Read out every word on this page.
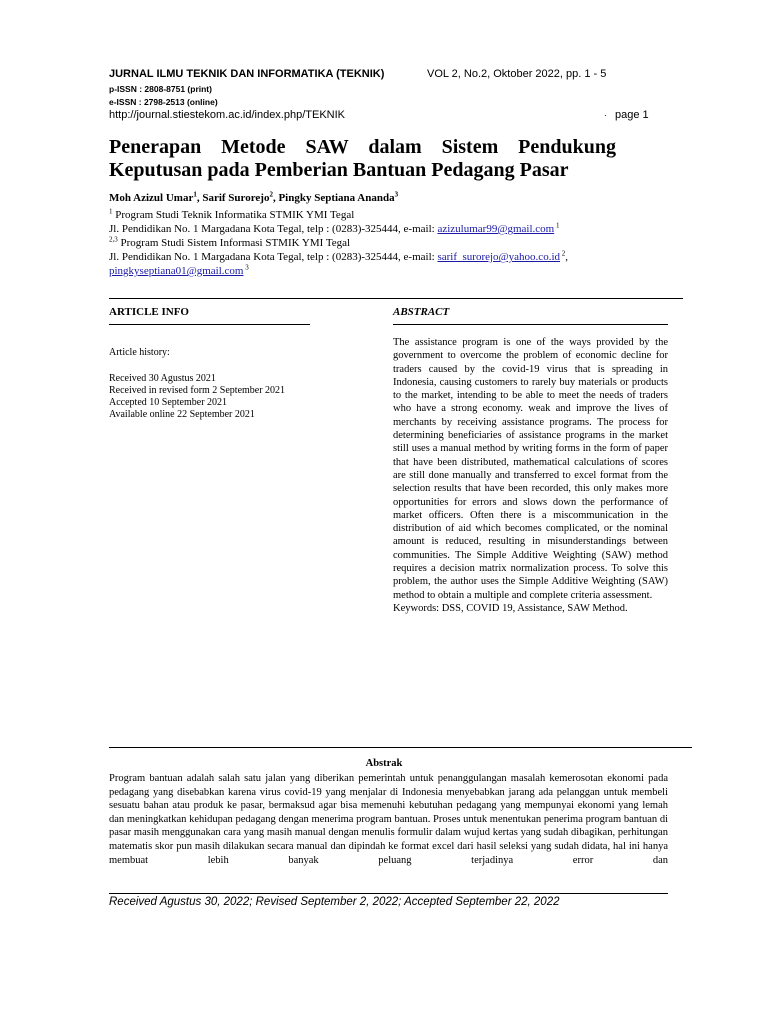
JURNAL ILMU TEKNIK DAN INFORMATIKA (TEKNIK)	VOL 2, No.2, Oktober 2022, pp. 1 - 5
p-ISSN : 2808-8751 (print)
e-ISSN : 2798-2513 (online)
http://journal.stiestekom.ac.id/index.php/TEKNIK	· page 1
Penerapan Metode SAW dalam Sistem Pendukung
Keputusan pada Pemberian Bantuan Pedagang Pasar
Moh Azizul Umar$^1$, Sarif Surorejo$^2$, Pingky Septiana Ananda$^3$
$^1$ Program Studi Teknik Informatika STMIK YMI Tegal
Jl. Pendidikan No. 1 Margadana Kota Tegal, telp : (0283)-325444, e-mail: azizulumar99@gmail.com $^1$
$^{2,3}$ Program Studi Sistem Informasi STMIK YMI Tegal
Jl. Pendidikan No. 1 Margadana Kota Tegal, telp : (0283)-325444, e-mail: sarif_surorejo@yahoo.co.id $^2$,
pingkyseptiana01@gmail.com $^3$
ARTICLE INFO
Article history:
Received 30 Agustus 2021
Received in revised form 2 September 2021
Accepted 10 September 2021
Available online 22 September 2021
ABSTRACT
The assistance program is one of the ways provided by the government to overcome the problem of economic decline for traders caused by the covid-19 virus that is spreading in Indonesia, causing customers to rarely buy materials or products to the market, intending to be able to meet the needs of traders who have a strong economy. weak and improve the lives of merchants by receiving assistance programs. The process for determining beneficiaries of assistance programs in the market still uses a manual method by writing forms in the form of paper that have been distributed, mathematical calculations of scores are still done manually and transferred to excel format from the selection results that have been recorded, this only makes more opportunities for errors and slows down the performance of market officers. Often there is a miscommunication in the distribution of aid which becomes complicated, or the nominal amount is reduced, resulting in misunderstandings between communities. The Simple Additive Weighting (SAW) method requires a decision matrix normalization process. To solve this problem, the author uses the Simple Additive Weighting (SAW) method to obtain a multiple and complete criteria assessment.
Keywords: DSS, COVID 19, Assistance, SAW Method.
Abstrak
Program bantuan adalah salah satu jalan yang diberikan pemerintah untuk penanggulangan masalah kemerosotan ekonomi pada pedagang yang disebabkan karena virus covid-19 yang menjalar di Indonesia menyebabkan jarang ada pelanggan untuk membeli sesuatu bahan atau produk ke pasar, bermaksud agar bisa memenuhi kebutuhan pedagang yang mempunyai ekonomi yang lemah dan meningkatkan kehidupan pedagang dengan menerima program bantuan. Proses untuk menentukan penerima program bantuan di pasar masih menggunakan cara yang masih manual dengan menulis formulir dalam wujud kertas yang sudah dibagikan, perhitungan matematis skor pun masih dilakukan secara manual dan dipindah ke format excel dari hasil seleksi yang sudah didata, hal ini hanya membuat lebih banyak peluang terjadinya error dan
Received Agustus 30, 2022; Revised September 2, 2022; Accepted September 22, 2022
